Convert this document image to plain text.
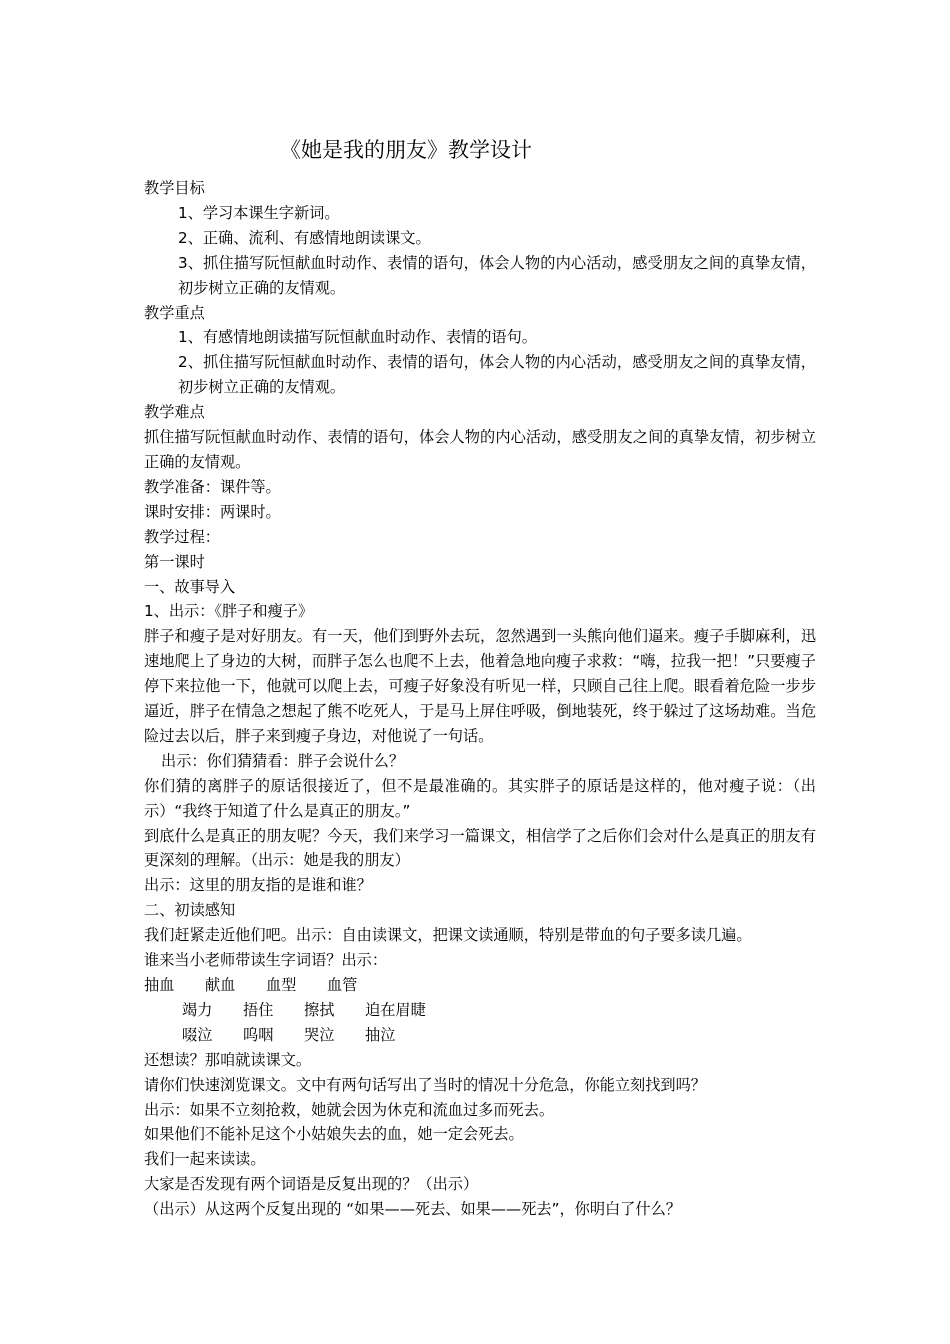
《她是我的朋友》教学设计

教学目标

1、学习本课生字新词。

2、正确、流利、有感情地朗读课文。

3、抓住描写阮恒献血时动作、表情的语句，体会人物的内心活动，感受朋友之间的真挚友情，初步树立正确的友情观。

教学重点

1、有感情地朗读描写阮恒献血时动作、表情的语句。

2、抓住描写阮恒献血时动作、表情的语句，体会人物的内心活动，感受朋友之间的真挚友情，初步树立正确的友情观。

教学难点

抓住描写阮恒献血时动作、表情的语句，体会人物的内心活动，感受朋友之间的真挚友情，初步树立正确的友情观。

教学准备：课件等。

课时安排：两课时。

教学过程：

第一课时

一、故事导入

1、出示：《胖子和瘦子》

胖子和瘦子是对好朋友。有一天，他们到野外去玩，忽然遇到一头熊向他们逼来。瘦子手脚麻利，迅速地爬上了身边的大树，而胖子怎么也爬不上去，他着急地向瘦子求救：“嗨，拉我一把！”只要瘦子停下来拉他一下，他就可以爬上去，可瘦子好象没有听见一样，只顾自己往上爬。眼看着危险一步步逼近，胖子在情急之想起了熊不吃死人，于是马上屏住呼吸，倒地装死，终于躲过了这场劫难。当危险过去以后，胖子来到瘦子身边，对他说了一句话。

出示：你们猜猜看：胖子会说什么？

你们猜的离胖子的原话很接近了，但不是最准确的。其实胖子的原话是这样的，他对瘦子说：（出示）“我终于知道了什么是真正的朋友。”

到底什么是真正的朋友呢？今天，我们来学习一篇课文，相信学了之后你们会对什么是真正的朋友有更深刻的理解。（出示：她是我的朋友）

出示：这里的朋友指的是谁和谁？

二、初读感知

我们赶紧走近他们吧。出示：自由读课文，把课文读通顺，特别是带血的句子要多读几遍。

谁来当小老师带读生字词语？出示：

抽血	献血	血型	血管
竭力	捂住	擦拭	迫在眉睫
啜泣	呜咽	哭泣	抽泣

还想读？那咱就读课文。

请你们快速浏览课文。文中有两句话写出了当时的情况十分危急，你能立刻找到吗？

出示：如果不立刻抢救，她就会因为休克和流血过多而死去。

如果他们不能补足这个小姑娘失去的血，她一定会死去。

我们一起来读读。

大家是否发现有两个词语是反复出现的？（出示）

（出示）从这两个反复出现的 “如果——死去、如果——死去”，你明白了什么？
